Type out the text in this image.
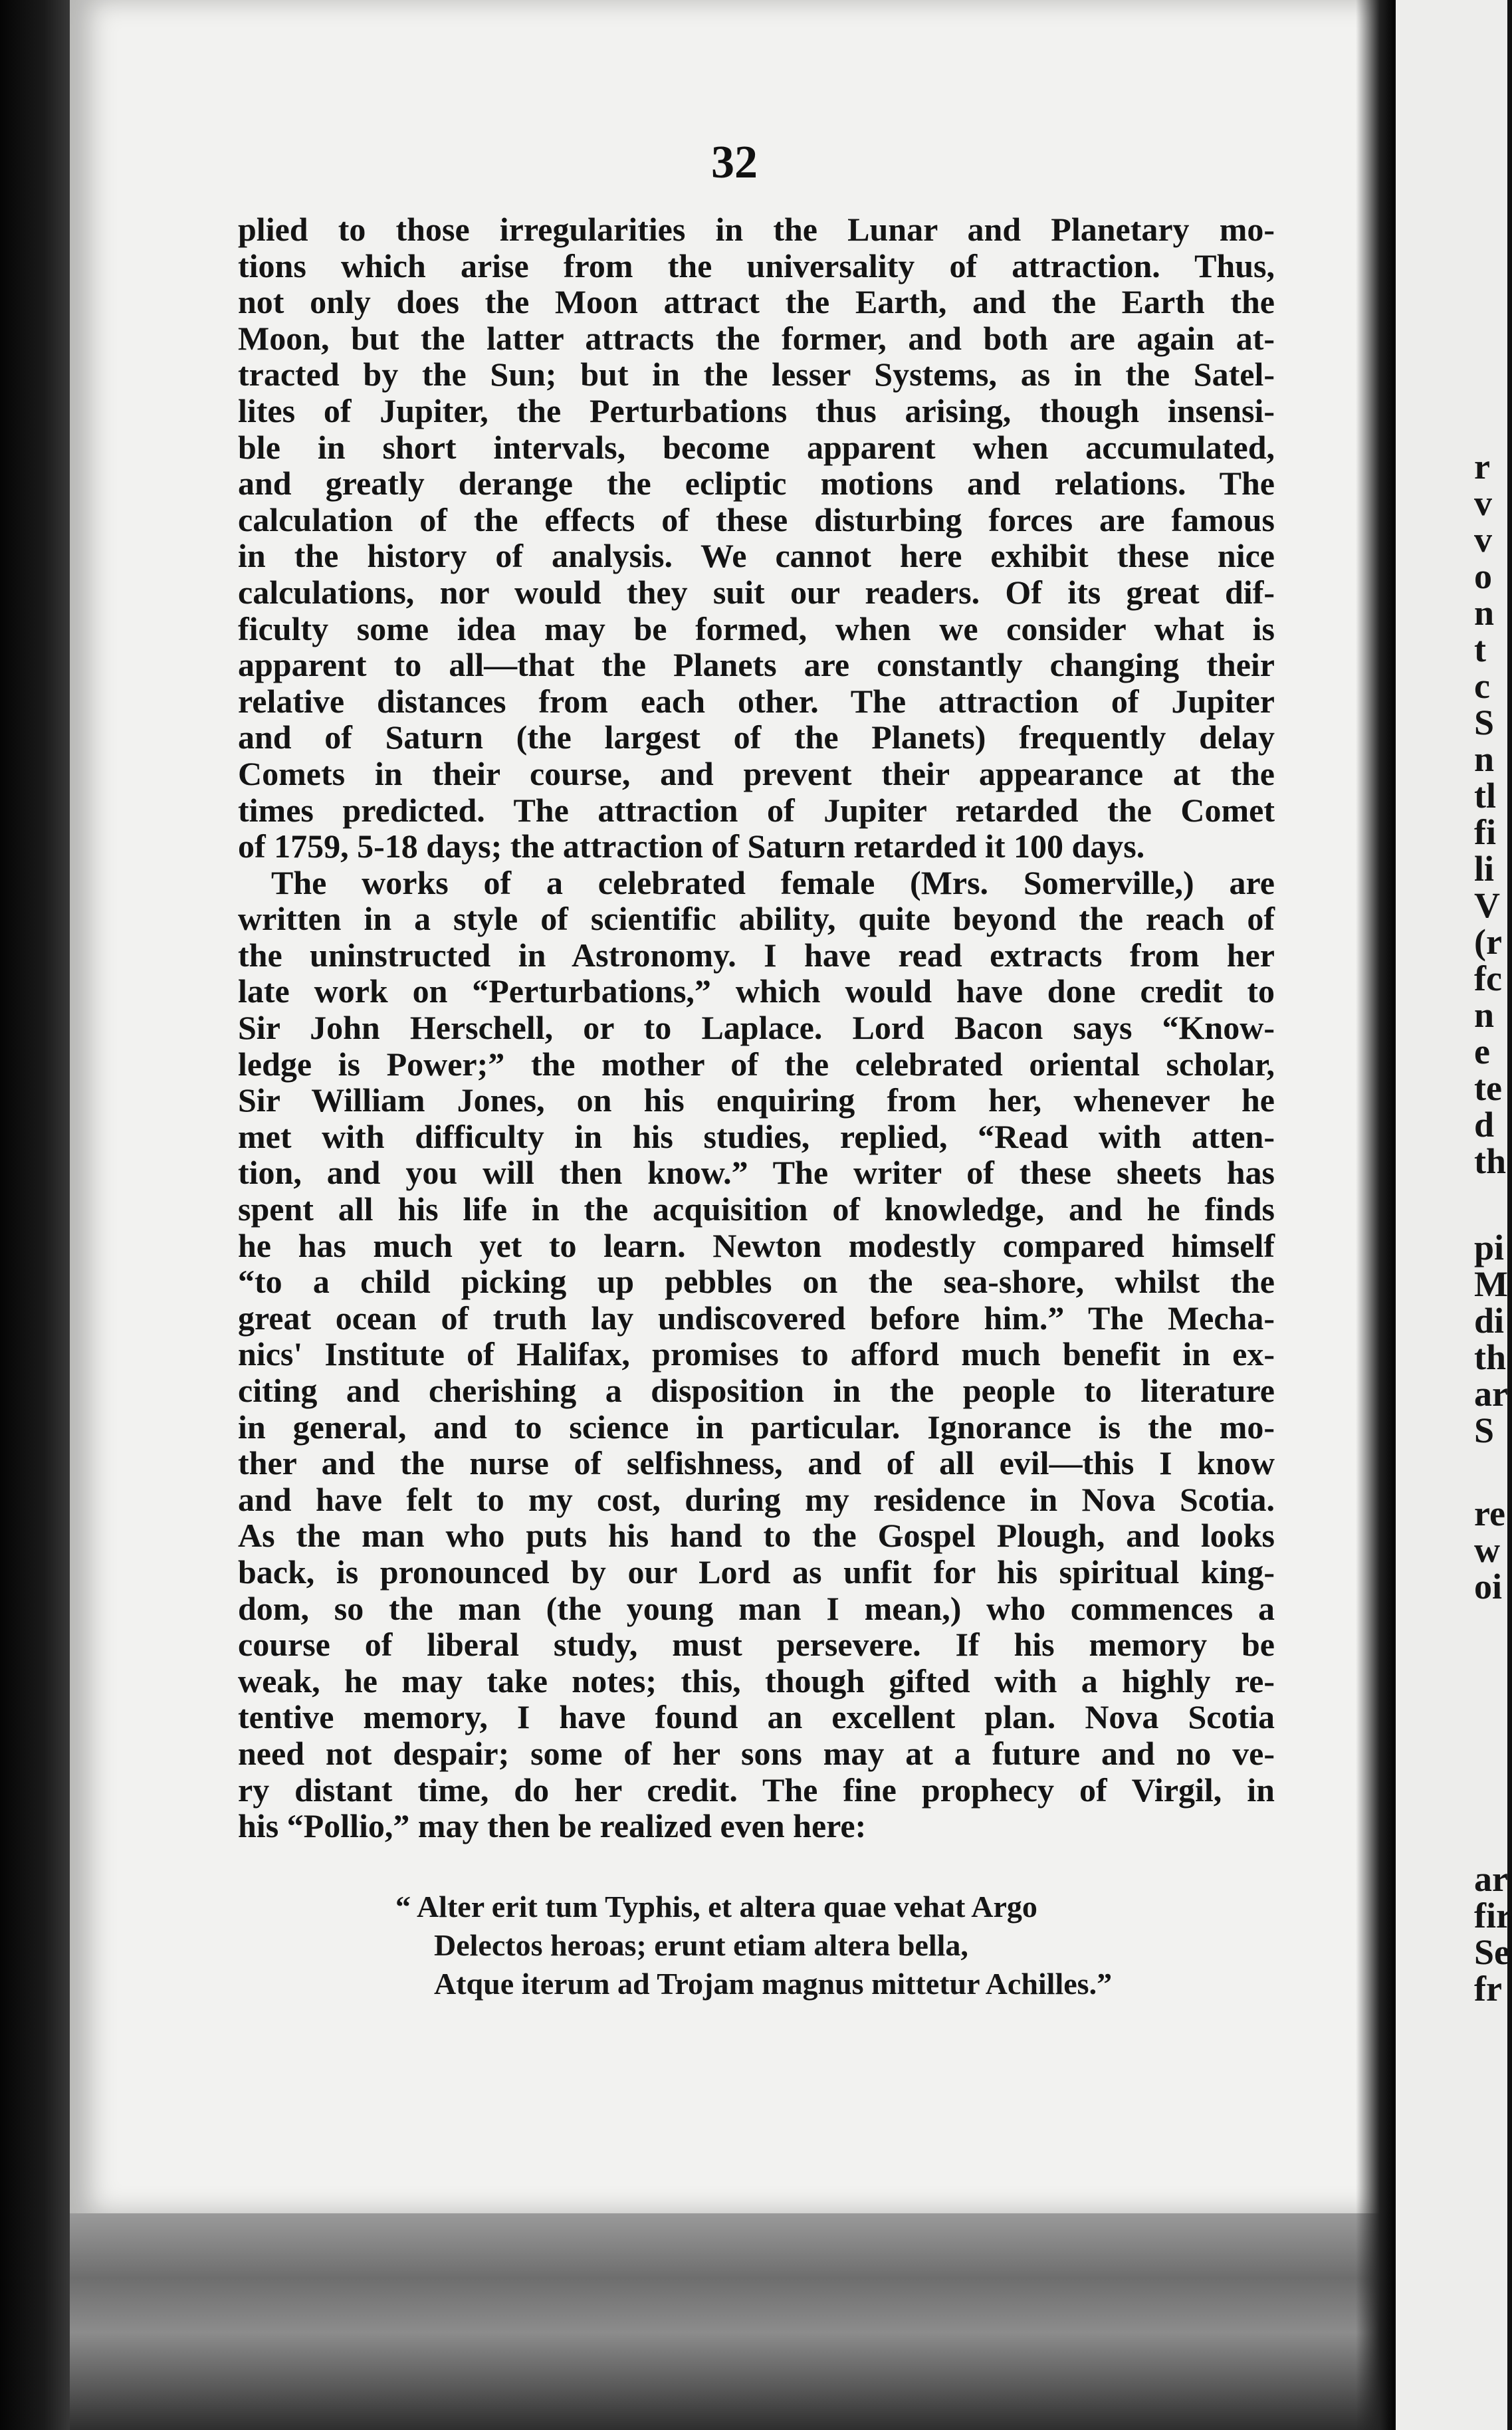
32
plied to those irregularities in the Lunar and Planetary mo-
tions which arise from the universality of attraction. Thus,
not only does the Moon attract the Earth, and the Earth the
Moon, but the latter attracts the former, and both are again at-
tracted by the Sun; but in the lesser Systems, as in the Satel-
lites of Jupiter, the Perturbations thus arising, though insensi-
ble in short intervals, become apparent when accumulated,
and greatly derange the ecliptic motions and relations. The
calculation of the effects of these disturbing forces are famous
in the history of analysis. We cannot here exhibit these nice
calculations, nor would they suit our readers. Of its great dif-
ficulty some idea may be formed, when we consider what is
apparent to all—that the Planets are constantly changing their
relative distances from each other. The attraction of Jupiter
and of Saturn (the largest of the Planets) frequently delay
Comets in their course, and prevent their appearance at the
times predicted. The attraction of Jupiter retarded the Comet
of 1759, 5-18 days; the attraction of Saturn retarded it 100 days.
The works of a celebrated female (Mrs. Somerville,) are
written in a style of scientific ability, quite beyond the reach of
the uninstructed in Astronomy. I have read extracts from her
late work on “Perturbations,” which would have done credit to
Sir John Herschell, or to Laplace. Lord Bacon says “Know-
ledge is Power;” the mother of the celebrated oriental scholar,
Sir William Jones, on his enquiring from her, whenever he
met with difficulty in his studies, replied, “Read with atten-
tion, and you will then know.” The writer of these sheets has
spent all his life in the acquisition of knowledge, and he finds
he has much yet to learn. Newton modestly compared himself
“to a child picking up pebbles on the sea-shore, whilst the
great ocean of truth lay undiscovered before him.” The Mecha-
nics' Institute of Halifax, promises to afford much benefit in ex-
citing and cherishing a disposition in the people to literature
in general, and to science in particular. Ignorance is the mo-
ther and the nurse of selfishness, and of all evil—this I know
and have felt to my cost, during my residence in Nova Scotia.
As the man who puts his hand to the Gospel Plough, and looks
back, is pronounced by our Lord as unfit for his spiritual king-
dom, so the man (the young man I mean,) who commences a
course of liberal study, must persevere. If his memory be
weak, he may take notes; this, though gifted with a highly re-
tentive memory, I have found an excellent plan. Nova Scotia
need not despair; some of her sons may at a future and no ve-
ry distant time, do her credit. The fine prophecy of Virgil, in
his “Pollio,” may then be realized even here:
“ Alter erit tum Typhis, et altera quae vehat Argo
Delectos heroas; erunt etiam altera bella,
Atque iterum ad Trojam magnus mittetur Achilles.”
r
v
v
o
n
t
c
S
n
tl
fi
li
V
(r
fc
n
e
te
d
th
pi
M
di
th
ar
S
re
w
oi
ar
fir
Se
fr
